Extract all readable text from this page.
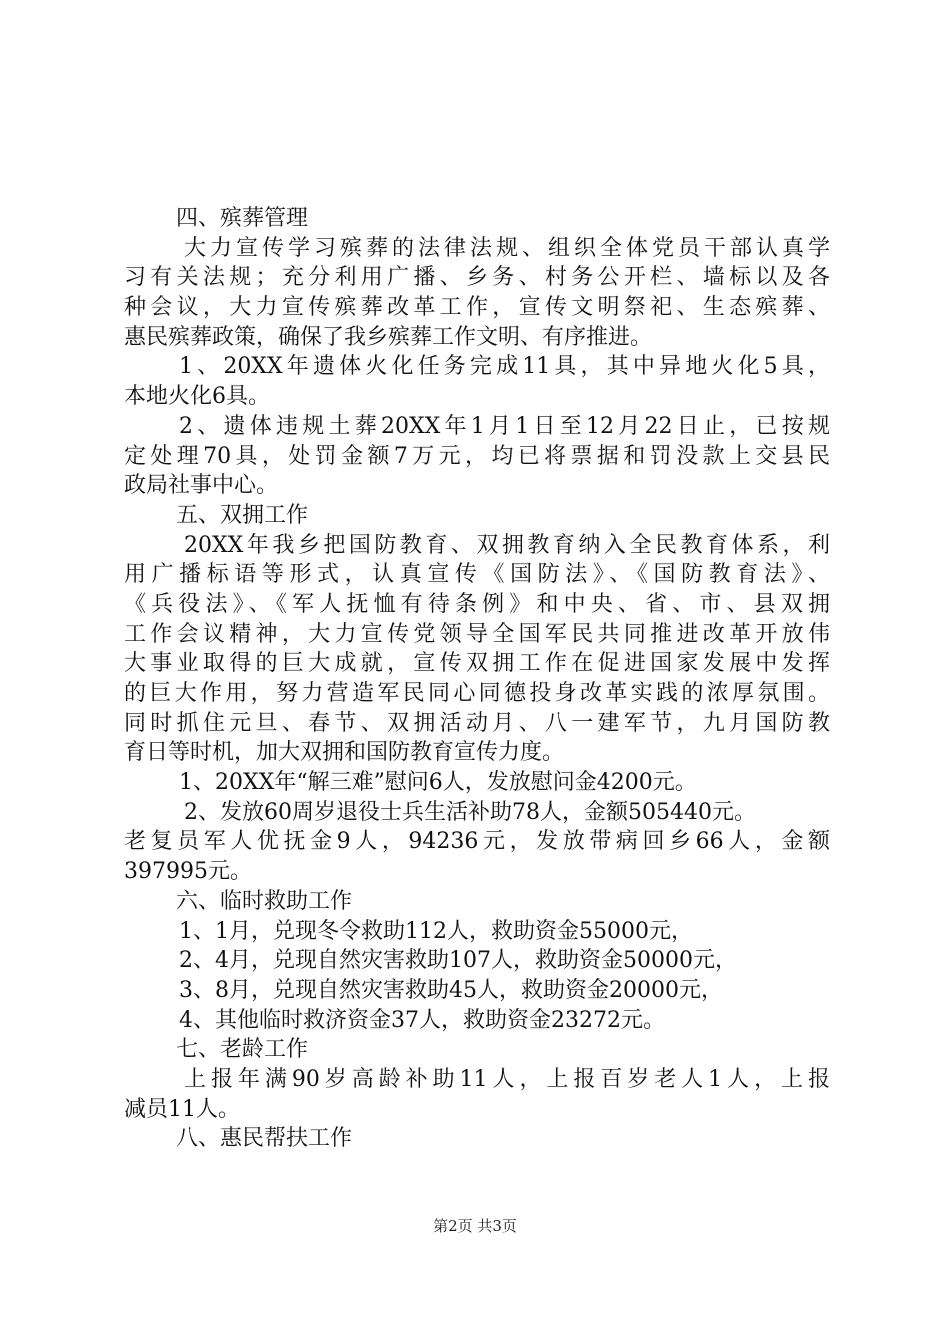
四、殡葬管理
大力宣传学习殡葬的法律法规、组织全体党员干部认真学
习有关法规；充分利用广播、乡务、村务公开栏、墙标以及各
种会议，大力宣传殡葬改革工作，宣传文明祭祀、生态殡葬、
惠民殡葬政策，确保了我乡殡葬工作文明、有序推进。
1、20XX年遗体火化任务完成11具，其中异地火化5具，
本地火化6具。
2、遗体违规土葬20XX年1月1日至12月22日止，已按规
定处理70具，处罚金额7万元，均已将票据和罚没款上交县民
政局社事中心。
五、双拥工作
20XX年我乡把国防教育、双拥教育纳入全民教育体系，利
用广播标语等形式，认真宣传《国防法》、《国防教育法》、
《兵役法》、《军人抚恤有待条例》和中央、省、市、县双拥
工作会议精神，大力宣传党领导全国军民共同推进改革开放伟
大事业取得的巨大成就，宣传双拥工作在促进国家发展中发挥
的巨大作用，努力营造军民同心同德投身改革实践的浓厚氛围。
同时抓住元旦、春节、双拥活动月、八一建军节，九月国防教
育日等时机，加大双拥和国防教育宣传力度。
1、20XX年“解三难”慰问6人，发放慰问金4200元。
2、发放60周岁退役士兵生活补助78人，金额505440元。
老复员军人优抚金9人，94236元，发放带病回乡66人，金额
397995元。
六、临时救助工作
1、1月，兑现冬令救助112人，救助资金55000元，
2、4月，兑现自然灾害救助107人，救助资金50000元，
3、8月，兑现自然灾害救助45人，救助资金20000元，
4、其他临时救济资金37人，救助资金23272元。
七、老龄工作
上报年满90岁高龄补助11人，上报百岁老人1人，上报
减员11人。
八、惠民帮扶工作
第2页 共3页
